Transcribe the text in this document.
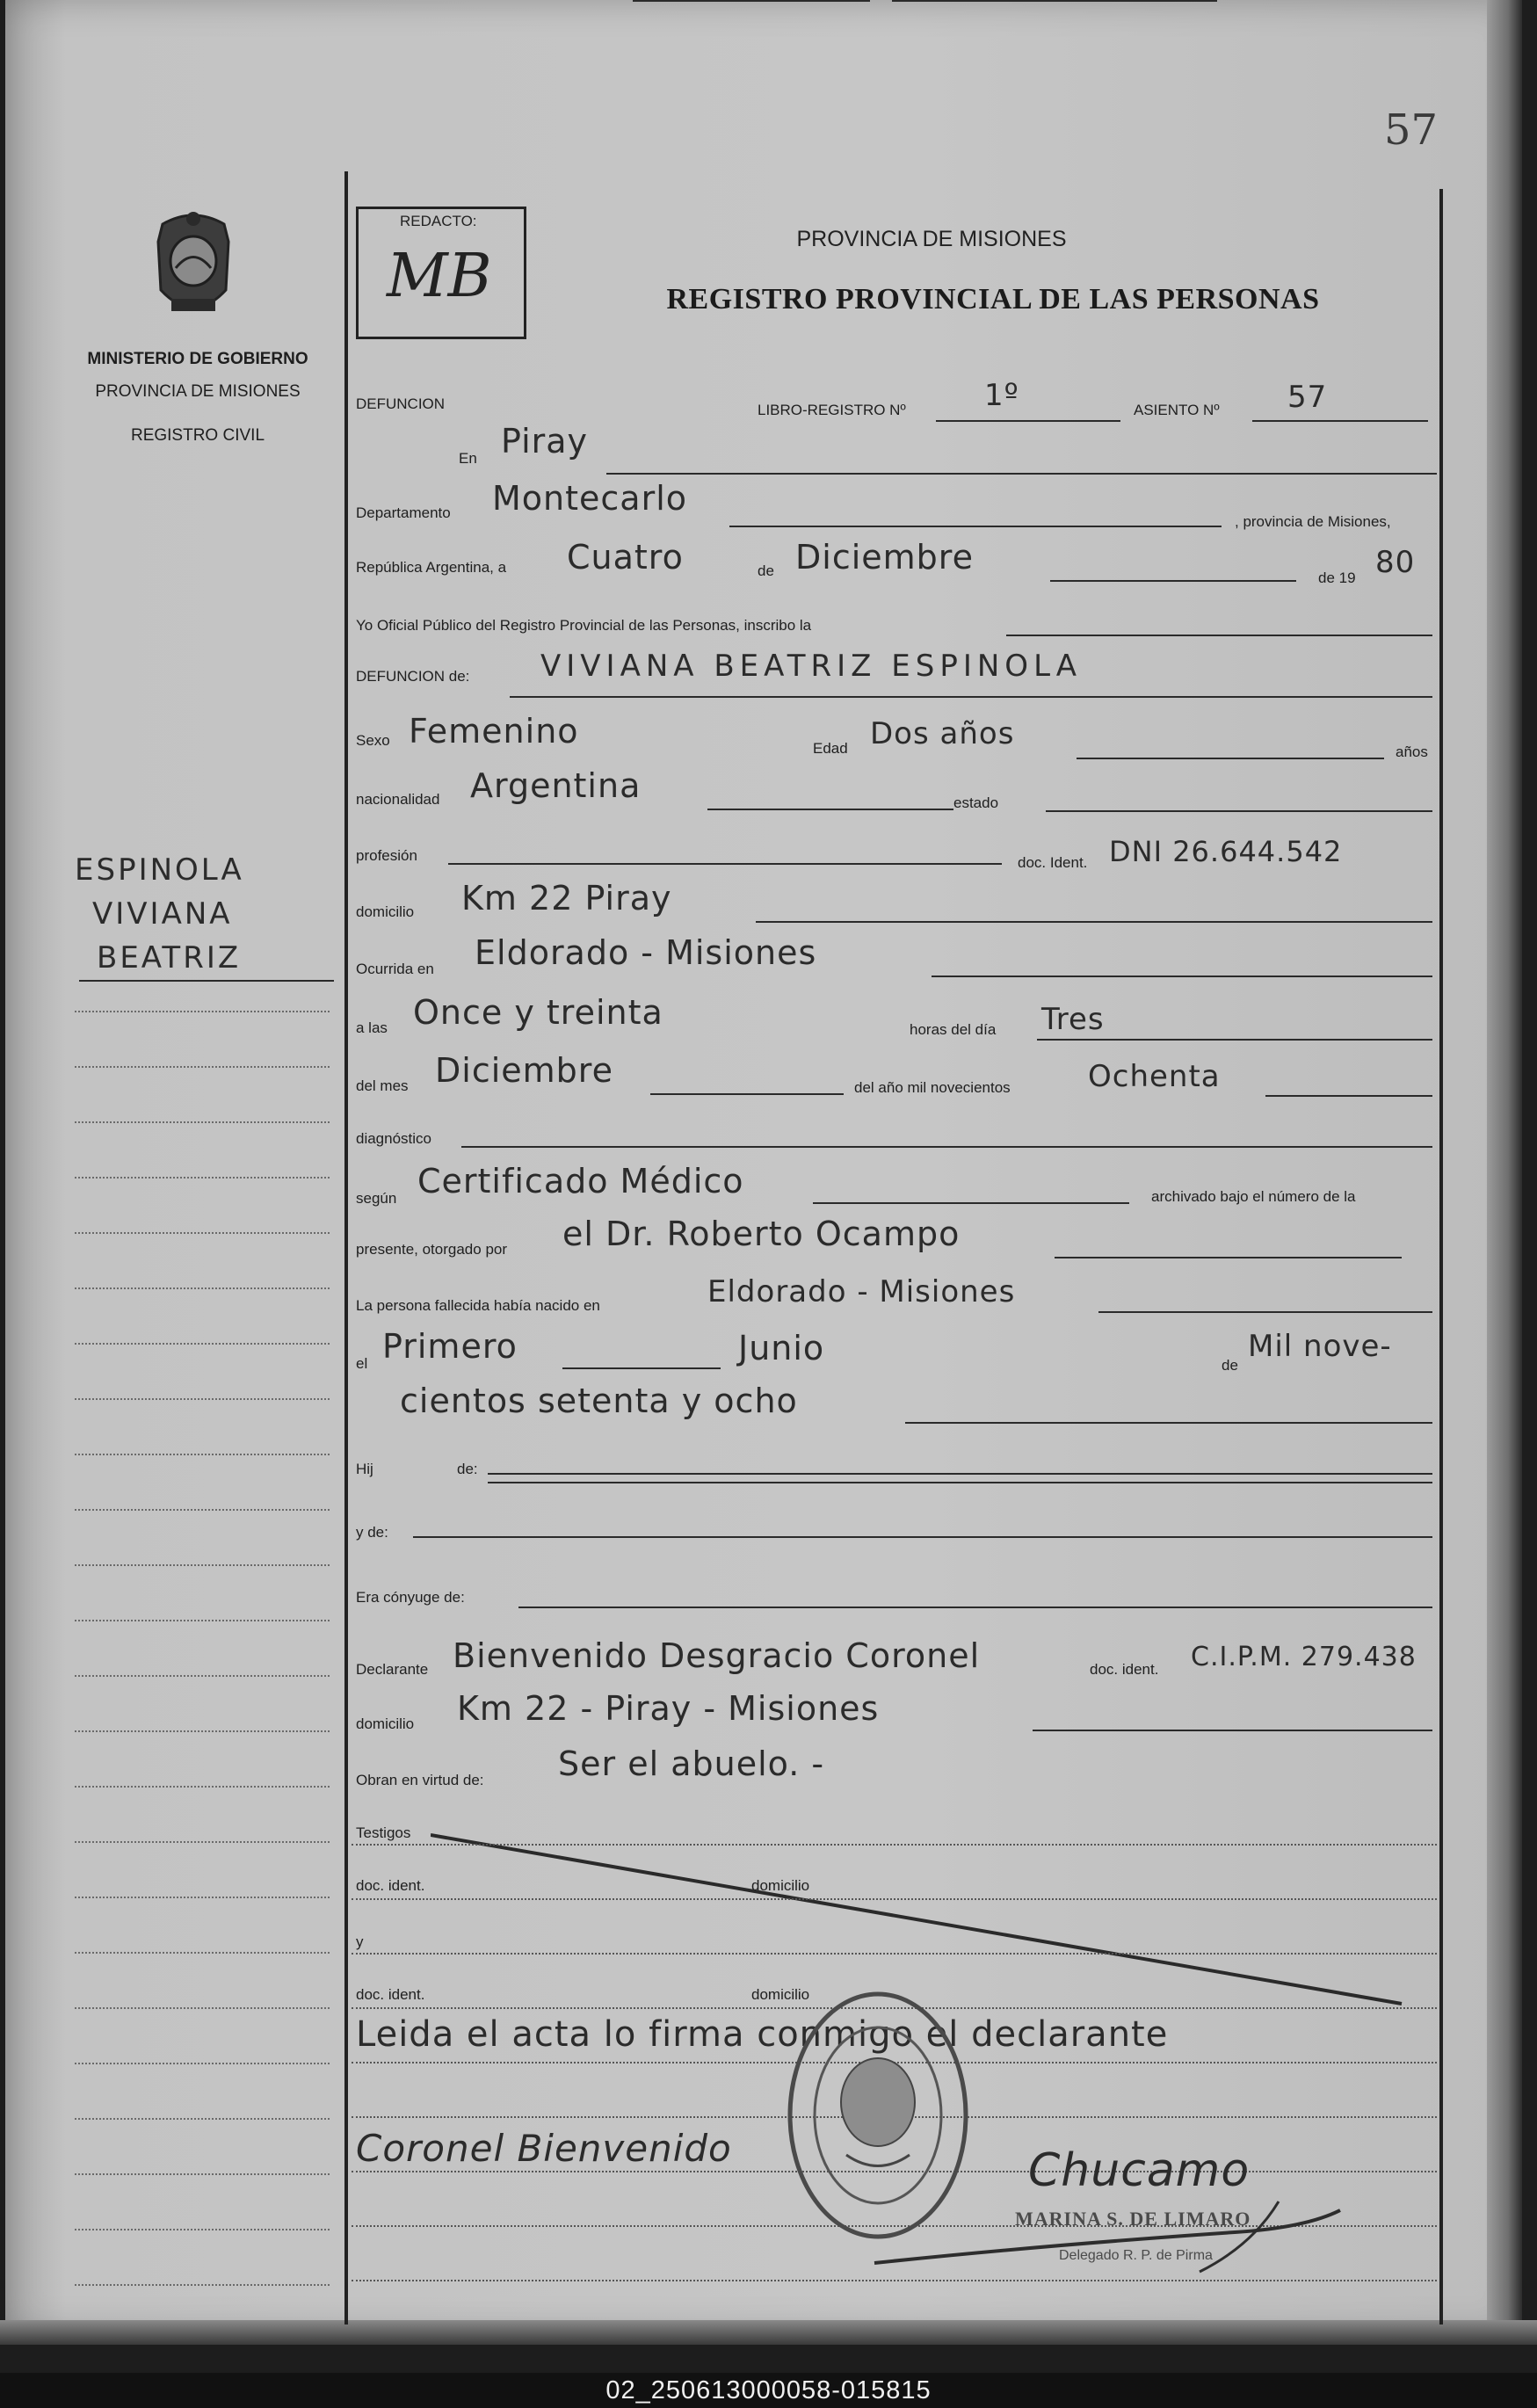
02_250613000058-015815
57
MINISTERIO DE GOBIERNO
PROVINCIA DE MISIONES
REGISTRO CIVIL
REDACTO:
MB
PROVINCIA DE MISIONES
REGISTRO PROVINCIAL DE LAS PERSONAS
ESPINOLA
VIVIANA
BEATRIZ
DEFUNCION	LIBRO-REGISTRO Nº	1º	ASIENTO Nº 57
En Piray
Departamento Montecarlo
, provincia de Misiones,
República Argentina, a Cuatro	de Diciembre
de 19 80
Yo Oficial Público del Registro Provincial de las Personas, inscribo la
DEFUNCION de: VIVIANA BEATRIZ ESPINOLA
Sexo Femenino	Edad Dos años
años
nacionalidad Argentina	estado
profesión	doc. Ident. DNI 26.644.542
domicilio Km 22 Piray
Ocurrida en Eldorado - Misiones
a las Once y treinta	horas del día Tres
del mes Diciembre	del año mil novecientos	Ochenta
diagnóstico
según Certificado Médico	archivado bajo el número de la
presente, otorgado por el Dr. Roberto Ocampo
La persona fallecida había nacido en	Eldorado - Misiones
el Primero	Junio	de
Mil nove-
cientos setenta y ocho
Hij	de:
y de:
Era cónyuge de:
Declarante Bienvenido Desgracio Coronel	doc. ident. C.I.P.M. 279.438
domicilio Km 22 - Piray - Misiones
Obran en virtud de: Ser el abuelo. -
Testigos
doc. ident.	domicilio
y
doc. ident.	domicilio
Leida el acta lo firma conmigo el declarante
Coronel Bienvenido	Chucamo
MARINA S. DE LIMARO
Delegado R. P. de Pirma
